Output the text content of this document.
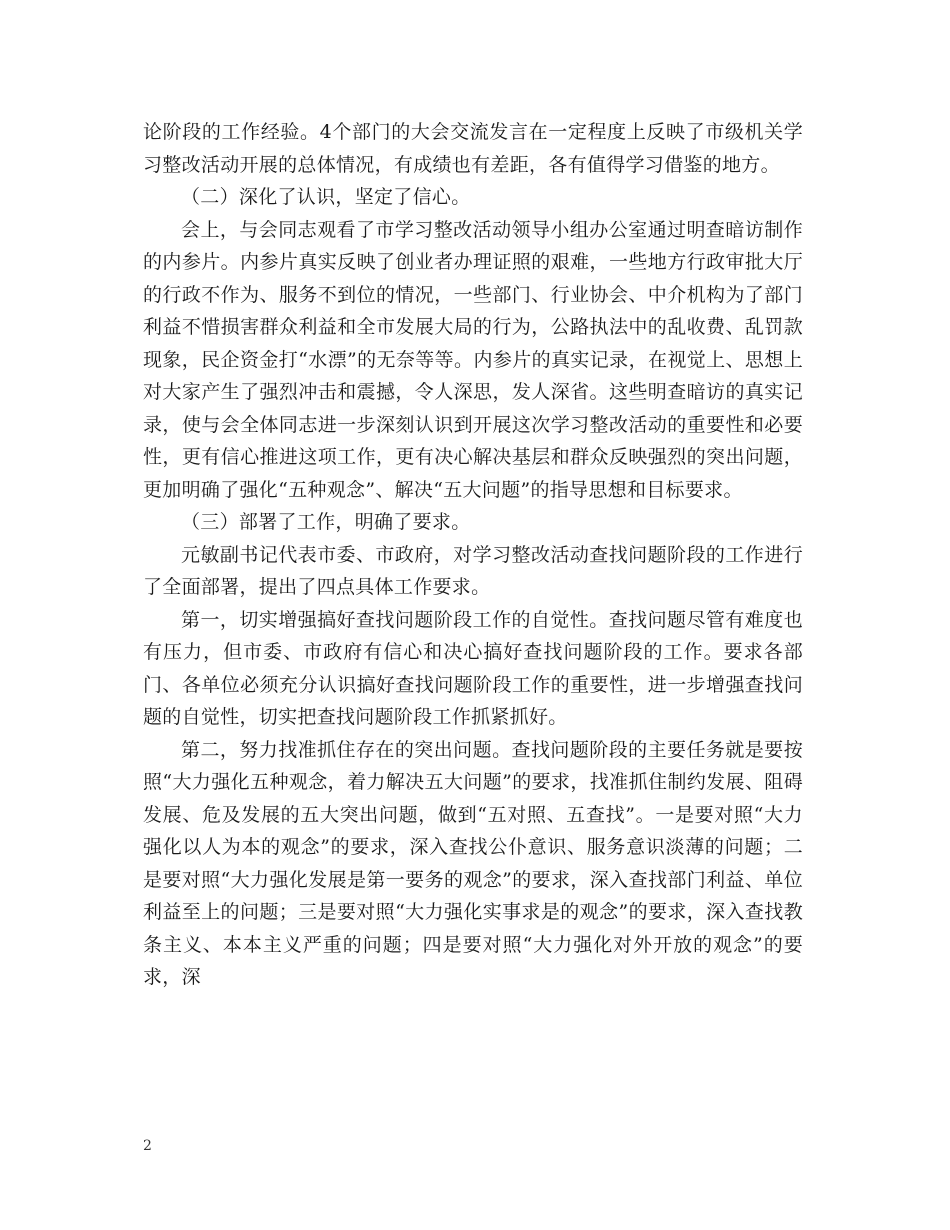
论阶段的工作经验。4个部门的大会交流发言在一定程度上反映了市级机关学习整改活动开展的总体情况，有成绩也有差距，各有值得学习借鉴的地方。

（二）深化了认识，坚定了信心。

会上，与会同志观看了市学习整改活动领导小组办公室通过明查暗访制作的内参片。内参片真实反映了创业者办理证照的艰难，一些地方行政审批大厅的行政不作为、服务不到位的情况，一些部门、行业协会、中介机构为了部门利益不惜损害群众利益和全市发展大局的行为，公路执法中的乱收费、乱罚款现象，民企资金打“水漂”的无奈等等。内参片的真实记录，在视觉上、思想上对大家产生了强烈冲击和震撼，令人深思，发人深省。这些明查暗访的真实记录，使与会全体同志进一步深刻认识到开展这次学习整改活动的重要性和必要性，更有信心推进这项工作，更有决心解决基层和群众反映强烈的突出问题，更加明确了强化“五种观念”、解决“五大问题”的指导思想和目标要求。

（三）部署了工作，明确了要求。

元敏副书记代表市委、市政府，对学习整改活动查找问题阶段的工作进行了全面部署，提出了四点具体工作要求。

第一，切实增强搞好查找问题阶段工作的自觉性。查找问题尽管有难度也有压力，但市委、市政府有信心和决心搞好查找问题阶段的工作。要求各部门、各单位必须充分认识搞好查找问题阶段工作的重要性，进一步增强查找问题的自觉性，切实把查找问题阶段工作抓紧抓好。

第二，努力找准抓住存在的突出问题。查找问题阶段的主要任务就是要按照“大力强化五种观念，着力解决五大问题”的要求，找准抓住制约发展、阻碍发展、危及发展的五大突出问题，做到“五对照、五查找”。一是要对照“大力强化以人为本的观念”的要求，深入查找公仆意识、服务意识淡薄的问题；二是要对照“大力强化发展是第一要务的观念”的要求，深入查找部门利益、单位利益至上的问题；三是要对照“大力强化实事求是的观念”的要求，深入查找教条主义、本本主义严重的问题；四是要对照“大力强化对外开放的观念”的要求，深

2
